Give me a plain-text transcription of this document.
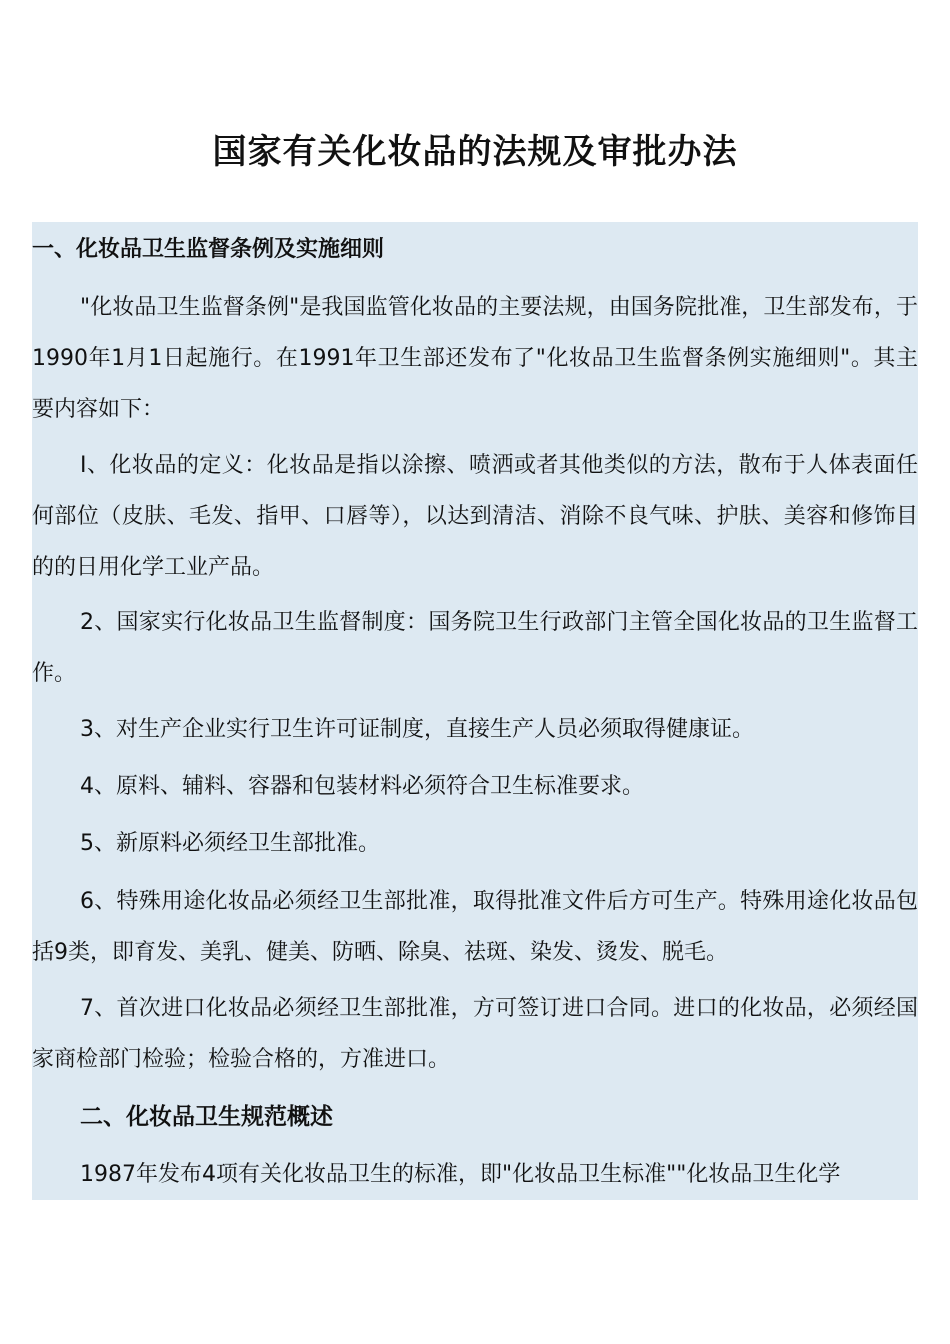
国家有关化妆品的法规及审批办法
一、化妆品卫生监督条例及实施细则

"化妆品卫生监督条例"是我国监管化妆品的主要法规，由国务院批准，卫生部发布，于1990年1月1日起施行。在1991年卫生部还发布了"化妆品卫生监督条例实施细则"。其主要内容如下：

I、化妆品的定义：化妆品是指以涂擦、喷洒或者其他类似的方法，散布于人体表面任何部位（皮肤、毛发、指甲、口唇等），以达到清洁、消除不良气味、护肤、美容和修饰目的的日用化学工业产品。

2、国家实行化妆品卫生监督制度：国务院卫生行政部门主管全国化妆品的卫生监督工作。

3、对生产企业实行卫生许可证制度，直接生产人员必须取得健康证。

4、原料、辅料、容器和包装材料必须符合卫生标准要求。

5、新原料必须经卫生部批准。

6、特殊用途化妆品必须经卫生部批准，取得批准文件后方可生产。特殊用途化妆品包括9类，即育发、美乳、健美、防晒、除臭、祛斑、染发、烫发、脱毛。

7、首次进口化妆品必须经卫生部批准，方可签订进口合同。进口的化妆品，必须经国家商检部门检验；检验合格的，方准进口。

二、化妆品卫生规范概述

1987年发布4项有关化妆品卫生的标准，即"化妆品卫生标准""化妆品卫生化学
